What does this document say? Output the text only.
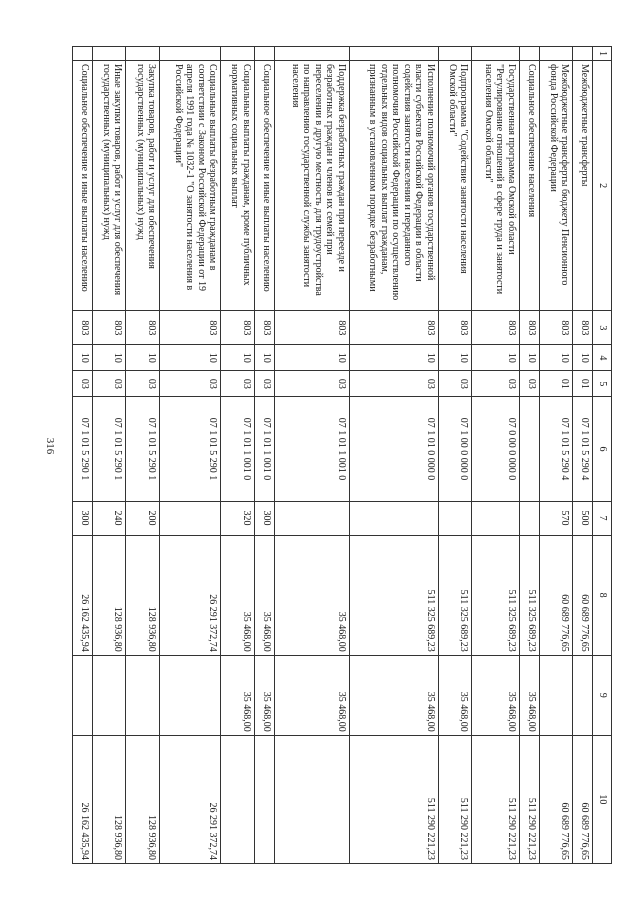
316
1	2	3	4	5	6	7	8	9	10
	Межбюджетные трансферты	803	10	01	07 1 01 5 290 4	500	60 689 776,65		60 689 776,65
	Межбюджетные трансферты бюджету Пенсионного фонда Российской Федерации	803	10	01	07 1 01 5 290 4	570	60 689 776,65		60 689 776,65
	Социальное обеспечение населения	803	10	03			511 325 689,23	35 468,00	511 290 221,23
	Государственная программа Омской области "Регулирование отношений в сфере труда и занятости населения Омской области"	803	10	03	07 0 00 0 000 0		511 325 689,23	35 468,00	511 290 221,23
	Подпрограмма "Содействие занятости населения Омской области"	803	10	03	07 1 00 0 000 0		511 325 689,23	35 468,00	511 290 221,23
	Исполнение полномочий органов государственной власти субъектов Российской Федерации в области содействия занятости населения и переданного полномочия Российской Федерации по осуществлению отдельных видов социальных выплат гражданам, признанным в установленном порядке безработными	803	10	03	07 1 01 0 000 0		511 325 689,23	35 468,00	511 290 221,23
	Поддержка безработных граждан при переезде и безработных граждан и членов их семей при переселении в другую местность для трудоустройства по направлению государственной службы занятости населения	803	10	03	07 1 01 1 001 0		35 468,00	35 468,00	
	Социальное обеспечение и иные выплаты населению	803	10	03	07 1 01 1 001 0	300	35 468,00	35 468,00	
	Социальные выплаты гражданам, кроме публичных нормативных социальных выплат	803	10	03	07 1 01 1 001 0	320	35 468,00	35 468,00	
	Социальные выплаты безработным гражданам в соответствии с Законом Российской Федерации от 19 апреля 1991 года № 1032-1 "О занятости населения в Российской Федерации"	803	10	03	07 1 01 5 290 1		26 291 372,74		26 291 372,74
	Закупка товаров, работ и услуг для обеспечения государственных (муниципальных) нужд	803	10	03	07 1 01 5 290 1	200	128 936,80		128 936,80
	Иные закупки товаров, работ и услуг для обеспечения государственных (муниципальных) нужд	803	10	03	07 1 01 5 290 1	240	128 936,80		128 936,80
	Социальное обеспечение и иные выплаты населению	803	10	03	07 1 01 5 290 1	300	26 162 435,94		26 162 435,94
